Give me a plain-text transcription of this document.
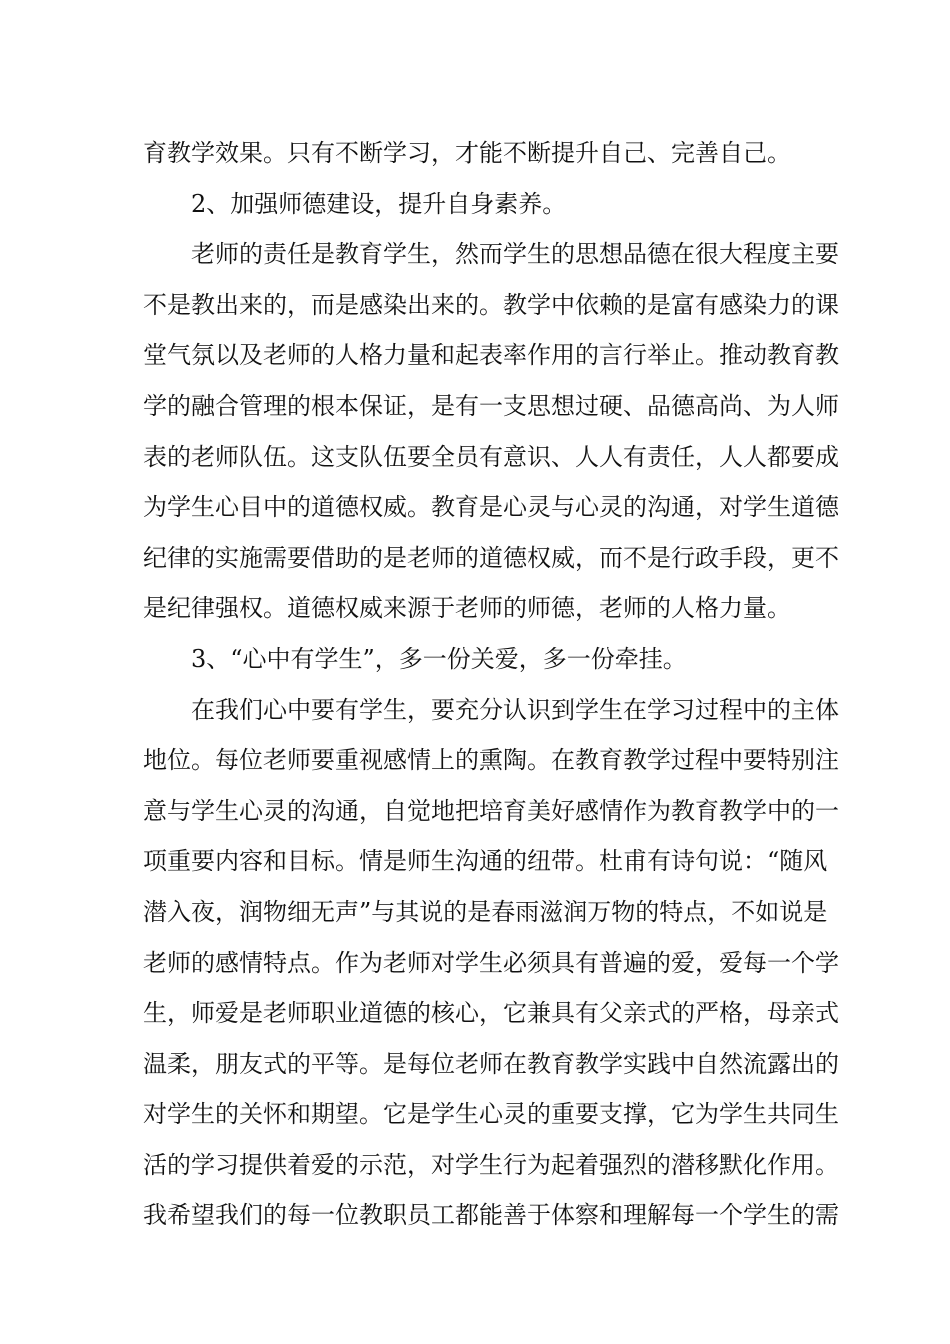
育教学效果。只有不断学习，才能不断提升自己、完善自己。
2、加强师德建设，提升自身素养。
老师的责任是教育学生，然而学生的思想品德在很大程度主要
不是教出来的，而是感染出来的。教学中依赖的是富有感染力的课
堂气氛以及老师的人格力量和起表率作用的言行举止。推动教育教
学的融合管理的根本保证，是有一支思想过硬、品德高尚、为人师
表的老师队伍。这支队伍要全员有意识、人人有责任，人人都要成
为学生心目中的道德权威。教育是心灵与心灵的沟通，对学生道德
纪律的实施需要借助的是老师的道德权威，而不是行政手段，更不
是纪律强权。道德权威来源于老师的师德，老师的人格力量。
3、“心中有学生”，多一份关爱，多一份牵挂。
在我们心中要有学生，要充分认识到学生在学习过程中的主体
地位。每位老师要重视感情上的熏陶。在教育教学过程中要特别注
意与学生心灵的沟通，自觉地把培育美好感情作为教育教学中的一
项重要内容和目标。情是师生沟通的纽带。杜甫有诗句说：“随风
潜入夜，润物细无声”与其说的是春雨滋润万物的特点，不如说是
老师的感情特点。作为老师对学生必须具有普遍的爱，爱每一个学
生，师爱是老师职业道德的核心，它兼具有父亲式的严格，母亲式
温柔，朋友式的平等。是每位老师在教育教学实践中自然流露出的
对学生的关怀和期望。它是学生心灵的重要支撑，它为学生共同生
活的学习提供着爱的示范，对学生行为起着强烈的潜移默化作用。
我希望我们的每一位教职员工都能善于体察和理解每一个学生的需
